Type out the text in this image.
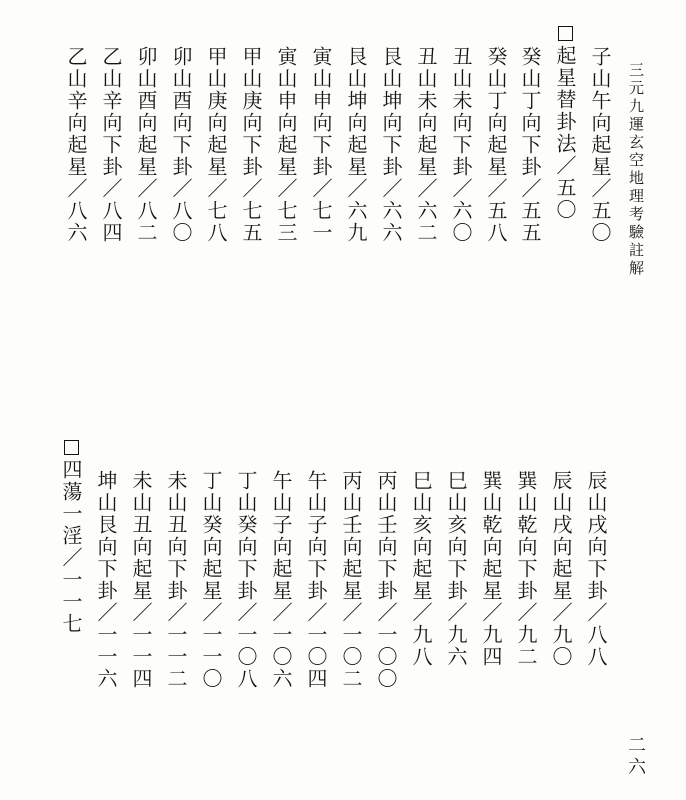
三元九運玄空地理考驗註解
二六
子山午向起星／五〇
起星替卦法／五〇
癸山丁向下卦／五五
癸山丁向起星／五八
丑山未向下卦／六〇
丑山未向起星／六二
艮山坤向下卦／六六
艮山坤向起星／六九
寅山申向下卦／七一
寅山申向起星／七三
甲山庚向下卦／七五
甲山庚向起星／七八
卯山酉向下卦／八〇
卯山酉向起星／八二
乙山辛向下卦／八四
乙山辛向起星／八六
辰山戌向下卦／八八
辰山戌向起星／九〇
巽山乾向下卦／九二
巽山乾向起星／九四
巳山亥向下卦／九六
巳山亥向起星／九八
丙山壬向下卦／一〇〇
丙山壬向起星／一〇二
午山子向下卦／一〇四
午山子向起星／一〇六
丁山癸向下卦／一〇八
丁山癸向起星／一一〇
未山丑向下卦／一一二
未山丑向起星／一一四
坤山艮向下卦／一一六
四蕩一淫／一一七
